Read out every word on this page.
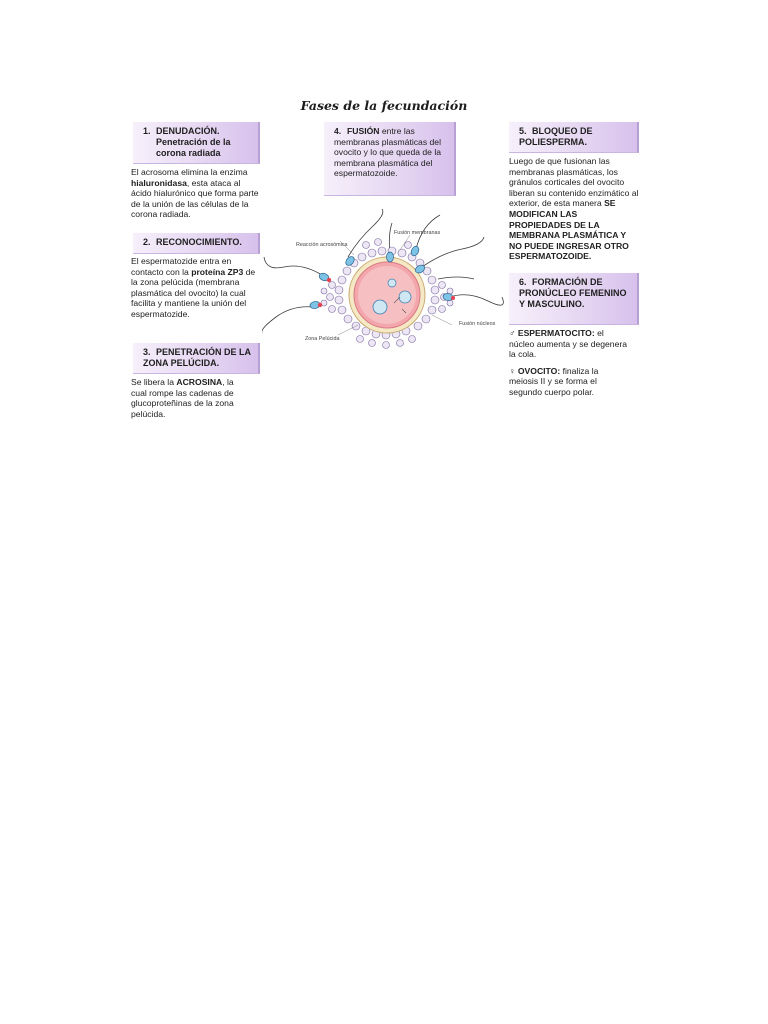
Fases de la fecundación
1. DENUDACIÓN.

Penetración de la corona radiada
El acrosoma elimina la enzima hialuronidasa, esta ataca al ácido hialurónico que forma parte de la unión de las células de la corona radiada.
2. RECONOCIMIENTO.
El espermatozide entra en contacto con la proteína ZP3 de la zona pelúcida (membrana plasmática del ovocito) la cual facilita y mantiene la unión del espermatozide.
3. PENETRACIÓN DE LA ZONA PELÚCIDA.
Se libera la ACROSINA, la cual rompe las cadenas de glucoproteñinas de la zona pelúcida.
4. FUSIÓN entre las membranas plasmáticas del ovocito y lo que queda de la membrana plasmática del espermatozoide.
5. BLOQUEO DE POLIESPERMA.
Luego de que fusionan las membranas plasmáticas, los gránulos corticales del ovocito liberan su contenido enzimático al exterior, de esta manera SE MODIFICAN LAS PROPIEDADES DE LA MEMBRANA PLASMÁTICA Y NO PUEDE INGRESAR OTRO ESPERMATOZOIDE.
6. FORMACIÓN DE PRONÚCLEO FEMENINO Y MASCULINO.

♂ ESPERMATOCITO: el núcleo aumenta y se degenera la cola.

♀ OVOCITO: finaliza la meiosis II y se forma el segundo cuerpo polar.

Reacción acrosómica
Fusión membranas
Zona Pelúcida
Fusión núcleos
